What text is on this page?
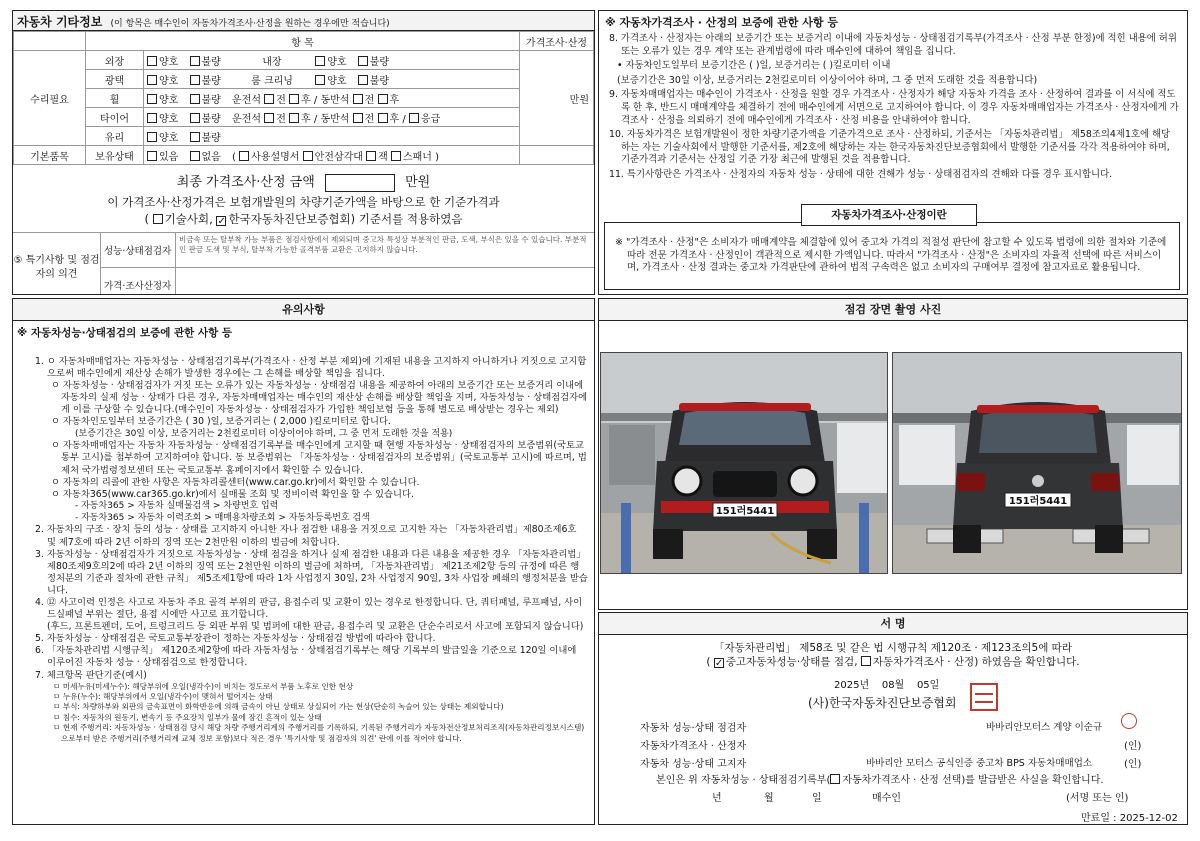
자동차 기타정보 (이 항목은 매수인이 자동차가격조사·산정을 원하는 경우에만 적습니다)
	항 목		가격조사·산정
수리필요	외장	양호 불량 내장 양호 불량	만원
	광택	양호 불량 룸 크리닝 양호 불량	
	휠	양호 불량 운전석 전 후 / 동반석 전 후	
	타이어	양호 불량 운전석 전 후 / 동반석 전 후 / 응급	
	유리	양호 불량	
기본품목	보유상태	있음 없음 ( 사용설명서 안전삼각대 잭 스패너 )	
최종 가격조사·산정 금액	만원
이 가격조사·산정가격은 보험개발원의 차량기준가액을 바탕으로 한 기준가격과
( 기술사회, ✓한국자동차진단보증협회) 기준서를 적용하였음
⑤ 특기사항 및 점검자의 의견
성능·상태점검자
비금속 또는 탈부착 가능 부품은 점검사항에서 제외되며 중고차 특성상 부분적인 판금, 도색, 부식은 있을 수 있습니다. 부분적인 판금 도색 및 부식, 탈부착 가능한 골격부품 교환은 고지하지 않습니다.
가격·조사산정자
※ 자동차가격조사 · 산정의 보증에 관한 사항 등
8. 가격조사 · 산정자는 아래의 보증기간 또는 보증거리 이내에 자동차성능 · 상태점검기록부(가격조사 · 산정 부분 한정)에 적힌 내용에 허위 또는 오류가 있는 경우 계약 또는 관계법령에 따라 매수인에 대하여 책임을 집니다.
• 자동차인도일부터 보증기간은 ( )일, 보증거리는 ( )킬로미터 이내
(보증기간은 30일 이상, 보증거리는 2천킬로미터 이상이어야 하며, 그 중 먼저 도래한 것을 적용합니다)
9. 자동차매매업자는 매수인이 가격조사 · 산정을 원할 경우 가격조사 · 산정자가 해당 자동차 가격을 조사 · 산정하여 결과를 이 서식에 적도록 한 후, 반드시 매매계약을 체결하기 전에 매수인에게 서면으로 고지하여야 합니다. 이 경우 자동차매매업자는 가격조사 · 산정자에게 가격조사 · 산정을 의뢰하기 전에 매수인에게 가격조사 · 산정 비용을 안내하여야 합니다.
10. 자동차가격은 보험개발원이 정한 차량기준가액을 기준가격으로 조사 · 산정하되, 기준서는 「자동차관리법」 제58조의4제1호에 해당하는 자는 기술사회에서 발행한 기준서를, 제2호에 해당하는 자는 한국자동차진단보증협회에서 발행한 기준서를 각각 적용하여야 하며, 기준가격과 기준서는 산정일 기준 가장 최근에 발행된 것을 적용합니다.
11. 특기사항란은 가격조사 · 산정자의 자동차 성능 · 상태에 대한 견해가 성능 · 상태점검자의 견해와 다를 경우 표시합니다.
※ "가격조사 · 산정"은 소비자가 매매계약을 체결함에 있어 중고차 가격의 적절성 판단에 참고할 수 있도록 법령에 의한 절차와 기준에 따라 전문 가격조사 · 산정인이 객관적으로 제시한 가액입니다. 따라서 "가격조사 · 산정"은 소비자의 자율적 선택에 따른 서비스이며, 가격조사 · 산정 결과는 중고차 가격판단에 관하여 법적 구속력은 없고 소비자의 구매여부 결정에 참고자료로 활용됩니다.
자동차가격조사·산정이란
유의사항
※ 자동차성능·상태점검의 보증에 관한 사항 등
1. ㅇ 자동차매매업자는 자동차성능 · 상태점검기록부(가격조사 · 산정 부분 제외)에 기재된 내용을 고지하지 아니하거나 거짓으로 고지함으로써 매수인에게 재산상 손해가 발생한 경우에는 그 손해를 배상할 책임을 집니다.
ㅇ 자동차성능 · 상태점검자가 거짓 또는 오류가 있는 자동차성능 · 상태점검 내용을 제공하여 아래의 보증기간 또는 보증거리 이내에 자동차의 실제 성능 · 상태가 다른 경우, 자동차매매업자는 매수인의 재산상 손해를 배상할 책임을 지며, 자동차성능 · 상태점검자에게 이를 구상할 수 있습니다.(매수인이 자동차성능 · 상태점검자가 가입한 책임보험 등을 통해 별도로 배상받는 경우는 제외)
ㅇ 자동차인도일부터 보증기간은 ( 30 )일, 보증거리는 ( 2,000 )킬로미터로 합니다.
(보증기간은 30일 이상, 보증거리는 2천킬로미터 이상이어야 하며, 그 중 먼저 도래한 것을 적용)
ㅇ 자동차매매업자는 자동차 자동차성능 · 상태점검기록부를 매수인에게 고지할 때 현행 자동차성능 · 상태점검자의 보증범위(국토교통부 고시)를 첨부하여 고지하여야 합니다. 동 보증범위는 「자동차성능 · 상태점검자의 보증범위」(국토교통부 고시)에 따르며, 법제처 국가법령정보센터 또는 국토교통부 홈페이지에서 확인할 수 있습니다.
ㅇ 자동차의 리콜에 관한 사항은 자동차리콜센터(www.car.go.kr)에서 확인할 수 있습니다.
ㅇ 자동차365(www.car365.go.kr)에서 실매물 조회 및 정비이력 확인을 할 수 있습니다.
- 자동차365 > 자동차 실매물검색 > 차량번호 입력
- 자동차365 > 자동차 이력조회 > 매매용차량조회 > 자동차등록번호 검색
2. 자동차의 구조 · 장치 등의 성능 · 상태를 고지하지 아니한 자나 점검한 내용을 거짓으로 고지한 자는 「자동차관리법」제80조제6호 및 제7호에 따라 2년 이하의 징역 또는 2천만원 이하의 벌금에 처합니다.
3. 자동차성능 · 상태점검자가 거짓으로 자동차성능 · 상태 점검을 하거나 실제 점검한 내용과 다른 내용을 제공한 경우 「자동차관리법」 제80조제9호의2에 따라 2년 이하의 징역 또는 2천만원 이하의 벌금에 처하며, 「자동차관리법」 제21조제2항 등의 규정에 따른 행정처분의 기준과 절차에 관한 규칙」 제5조제1항에 따라 1차 사업정지 30일, 2차 사업정지 90일, 3차 사업장 폐쇄의 행정처분을 받습니다.
4. ⑫ 사고이력 인정은 사고로 자동차 주요 골격 부위의 판금, 용접수리 및 교환이 있는 경우로 한정합니다. 단, 쿼터패널, 루프패널, 사이드실패널 부위는 절단, 용접 시에만 사고로 표기합니다.
(후드, 프론트펜더, 도어, 트렁크리드 등 외판 부위 및 범퍼에 대한 판금, 용접수리 및 교환은 단순수리로서 사고에 포함되지 않습니다)
5. 자동차성능 · 상태점검은 국토교통부장관이 정하는 자동차성능 · 상태점검 방법에 따라야 합니다.
6. 「자동차관리법 시행규칙」 제120조제2항에 따라 자동차성능 · 상태점검기록부는 해당 기록부의 발급일을 기준으로 120일 이내에 이루어진 자동차 성능 · 상태점검으로 한정합니다.
7. 체크항목 판단기준(예시)
ㅁ 미세누유(미세누수): 해당부위에 오일(냉각수)이 비치는 정도로서 부품 노후로 인한 현상
ㅁ 누유(누수): 해당부위에서 오일(냉각수)이 맺혀서 떨어지는 상태
ㅁ 부식: 차량하부와 외판의 금속표면이 화학반응에 의해 금속이 아닌 상태로 상실되어 가는 현상(단순히 녹슬어 있는 상태는 제외합니다)
ㅁ 침수: 자동차의 원동기, 변속기 등 주요장치 일부가 물에 잠긴 흔적이 있는 상태
ㅁ 현재 주행거리: 자동차성능 · 상태점검 당시 해당 차량 주행거리계의 주행거리를 기록하되, 기록된 주행거리가 자동차전산정보처리조직(자동차관리정보시스템)으로부터 받은 주행거리(주행거리계 교체 정보 포함)보다 적은 경우 '특기사항 및 점검자의 의견' 란에 이를 적어야 합니다.
점검 장면 촬영 사진
151러5441
151러5441
서 명
「자동차관리법」 제58조 및 같은 법 시행규칙 제120조 · 제123조의5에 따라
( ✓중고자동차성능·상태를 점검, 자동차가격조사 · 산정) 하였음을 확인합니다.
2025년 08월 05일
(사)한국자동차진단보증협회
자동차 성능·상태 점검자	바바리안모터스 계양 이순규
자동차가격조사 · 산정자	(인)
자동차 성능·상태 고지자	바바리안 모터스 공식인증 중고차 BPS 자동차매매업소	(인)
본인은 위 자동차성능 · 상태점검기록부( 자동차가격조사 · 산정 선택)를 발급받은 사실을 확인합니다.
년	월	일	매수인	(서명 또는 인)
만료일 : 2025-12-02
